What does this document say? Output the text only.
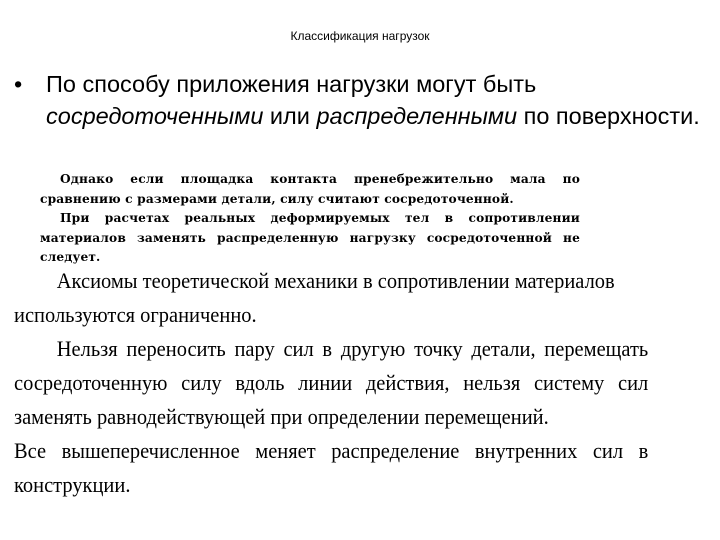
Классификация нагрузок
•	По способу приложения нагрузки могут быть
сосредоточенными или распределенными по поверхности.

Однако если площадка контакта пренебрежительно мала по сравнению с размерами детали, силу считают сосредоточенной.

При расчетах реальных деформируемых тел в сопротивлении материалов заменять распределенную нагрузку сосредоточенной не следует.

Аксиомы теоретической механики в сопротивлении материалов используются ограниченно.

Нельзя переносить пару сил в другую точку детали, перемещать сосредоточенную силу вдоль линии действия, нельзя систему сил заменять равнодействующей при определении перемещений.

Все вышеперечисленное меняет распределение внутренних сил в конструкции.
